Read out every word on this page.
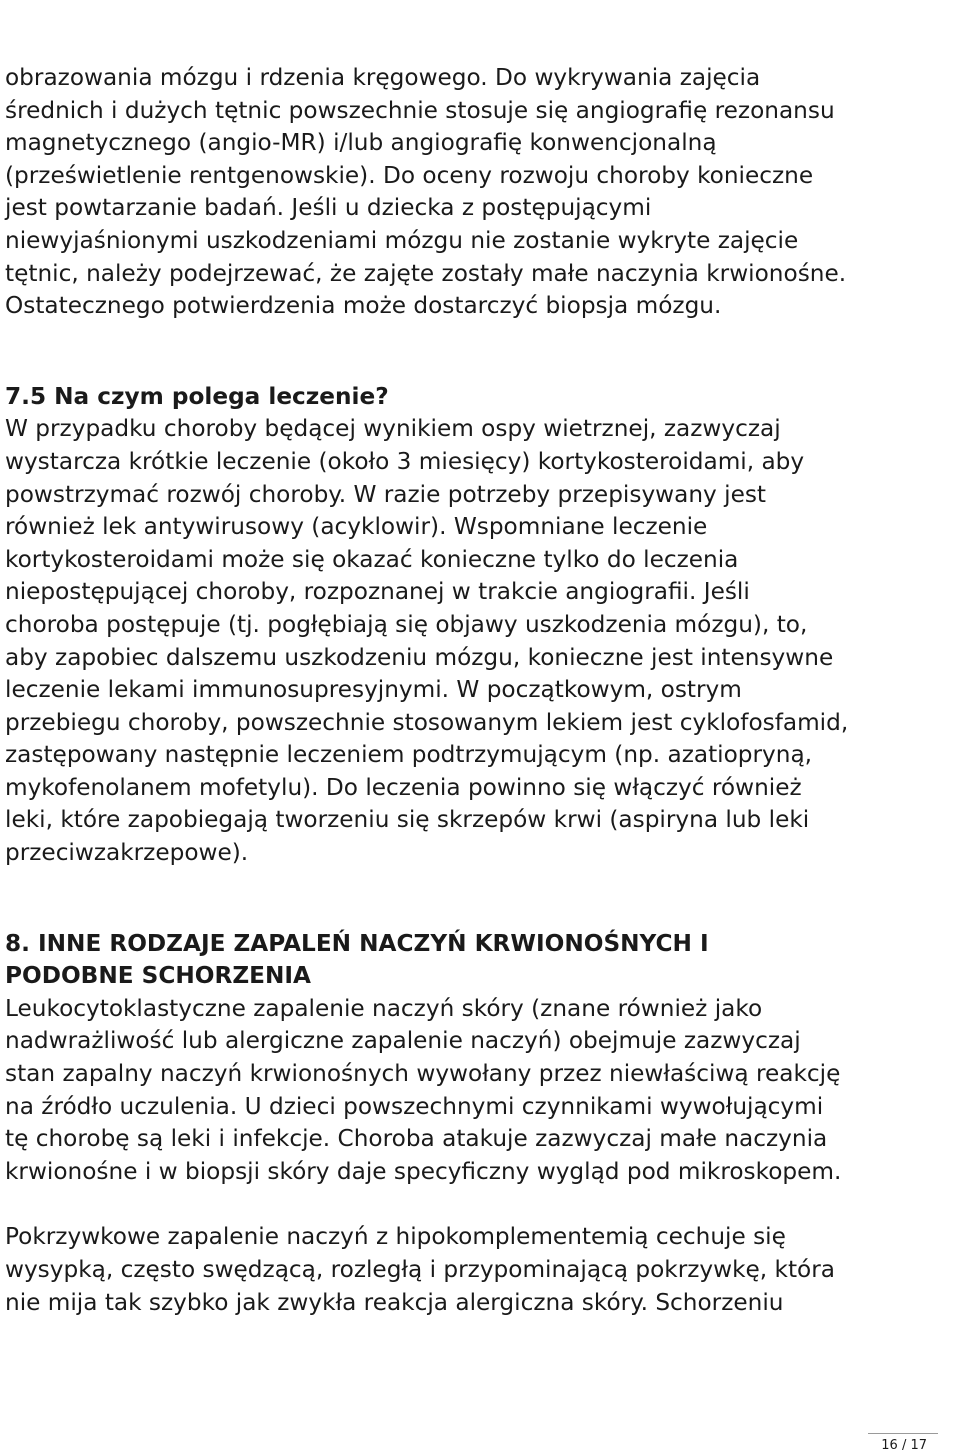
obrazowania mózgu i rdzenia kręgowego. Do wykrywania zajęcia
średnich i dużych tętnic powszechnie stosuje się angiografię rezonansu
magnetycznego (angio-MR) i/lub angiografię konwencjonalną
(prześwietlenie rentgenowskie). Do oceny rozwoju choroby konieczne
jest powtarzanie badań. Jeśli u dziecka z postępującymi
niewyjaśnionymi uszkodzeniami mózgu nie zostanie wykryte zajęcie
tętnic, należy podejrzewać, że zajęte zostały małe naczynia krwionośne.
Ostatecznego potwierdzenia może dostarczyć biopsja mózgu.

7.5 Na czym polega leczenie?

W przypadku choroby będącej wynikiem ospy wietrznej, zazwyczaj
wystarcza krótkie leczenie (około 3 miesięcy) kortykosteroidami, aby
powstrzymać rozwój choroby. W razie potrzeby przepisywany jest
również lek antywirusowy (acyklowir). Wspomniane leczenie
kortykosteroidami może się okazać konieczne tylko do leczenia
niepostępującej choroby, rozpoznanej w trakcie angiografii. Jeśli
choroba postępuje (tj. pogłębiają się objawy uszkodzenia mózgu), to,
aby zapobiec dalszemu uszkodzeniu mózgu, konieczne jest intensywne
leczenie lekami immunosupresyjnymi. W początkowym, ostrym
przebiegu choroby, powszechnie stosowanym lekiem jest cyklofosfamid,
zastępowany następnie leczeniem podtrzymującym (np. azatiopryną,
mykofenolanem mofetylu). Do leczenia powinno się włączyć również
leki, które zapobiegają tworzeniu się skrzepów krwi (aspiryna lub leki
przeciwzakrzepowe).

8. INNE RODZAJE ZAPALEŃ NACZYŃ KRWIONOŚNYCH I
PODOBNE SCHORZENIA

Leukocytoklastyczne zapalenie naczyń skóry (znane również jako
nadwrażliwość lub alergiczne zapalenie naczyń) obejmuje zazwyczaj
stan zapalny naczyń krwionośnych wywołany przez niewłaściwą reakcję
na źródło uczulenia. U dzieci powszechnymi czynnikami wywołującymi
tę chorobę są leki i infekcje. Choroba atakuje zazwyczaj małe naczynia
krwionośne i w biopsji skóry daje specyficzny wygląd pod mikroskopem.

Pokrzywkowe zapalenie naczyń z hipokomplementemią cechuje się
wysypką, często swędzącą, rozległą i przypominającą pokrzywkę, która
nie mija tak szybko jak zwykła reakcja alergiczna skóry. Schorzeniu

16 / 17
